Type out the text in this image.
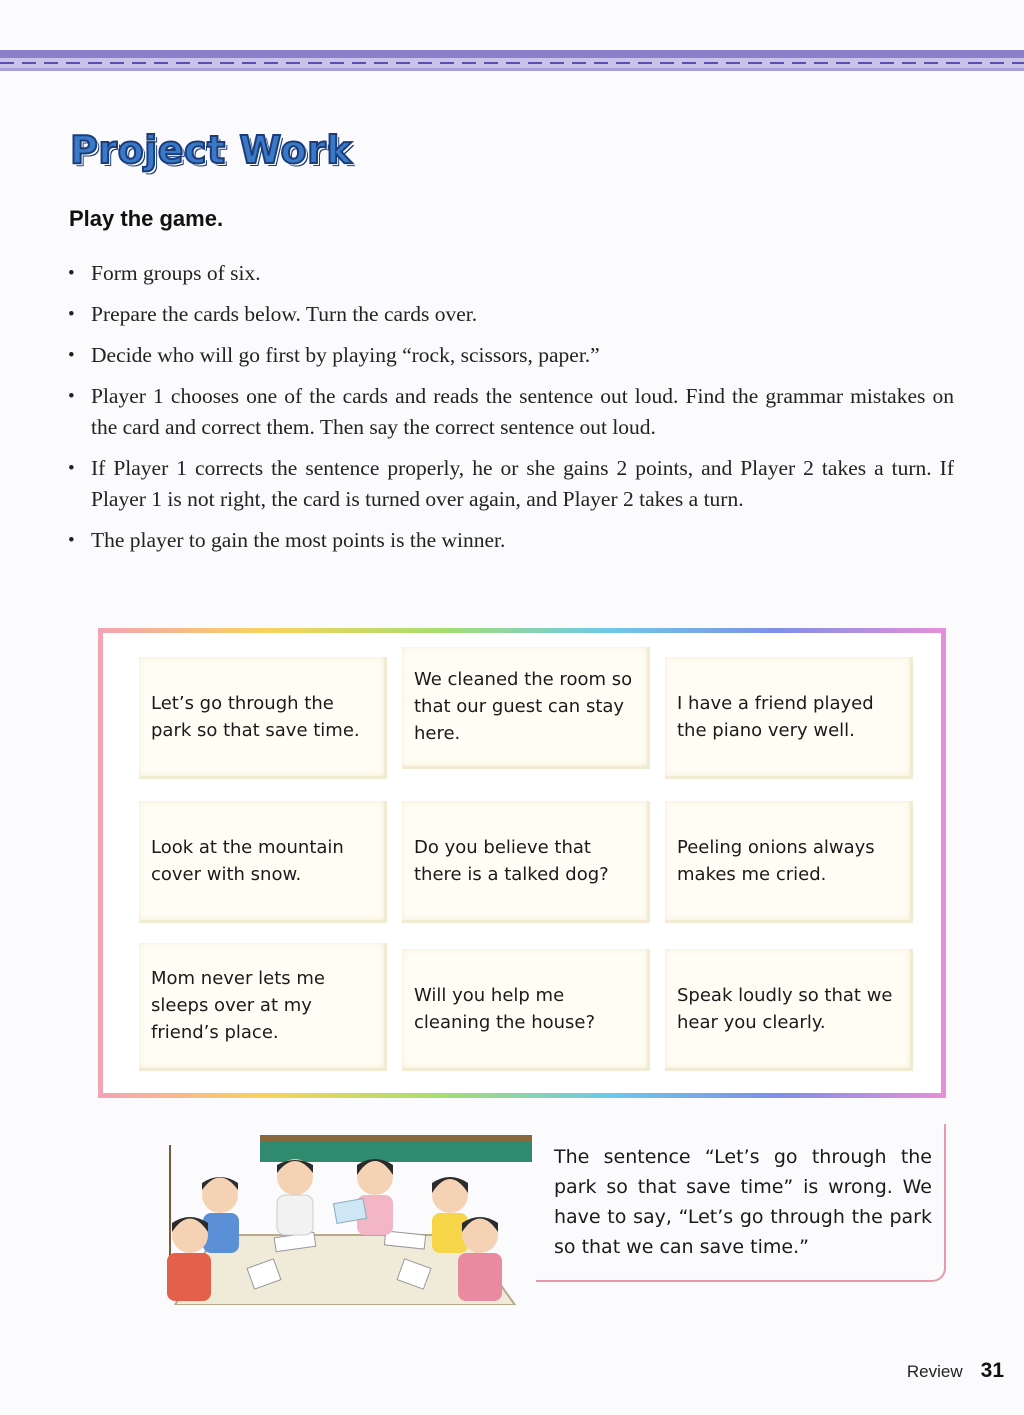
Project Work
Play the game.
• Form groups of six.
• Prepare the cards below. Turn the cards over.
• Decide who will go first by playing “rock, scissors, paper.”
• Player 1 chooses one of the cards and reads the sentence out loud. Find the grammar mistakes on the card and correct them. Then say the correct sentence out loud.
• If Player 1 corrects the sentence properly, he or she gains 2 points, and Player 2 takes a turn. If Player 1 is not right, the card is turned over again, and Player 2 takes a turn.
• The player to gain the most points is the winner.
Let’s go through the park so that save time.
We cleaned the room so that our guest can stay here.
I have a friend played the piano very well.
Look at the mountain cover with snow.
Do you believe that there is a talked dog?
Peeling onions always makes me cried.
Mom never lets me sleeps over at my friend’s place.
Will you help me cleaning the house?
Speak loudly so that we hear you clearly.

The sentence “Let’s go through the park so that save time” is wrong. We have to say, “Let’s go through the park so that we can save time.”

Review 31
